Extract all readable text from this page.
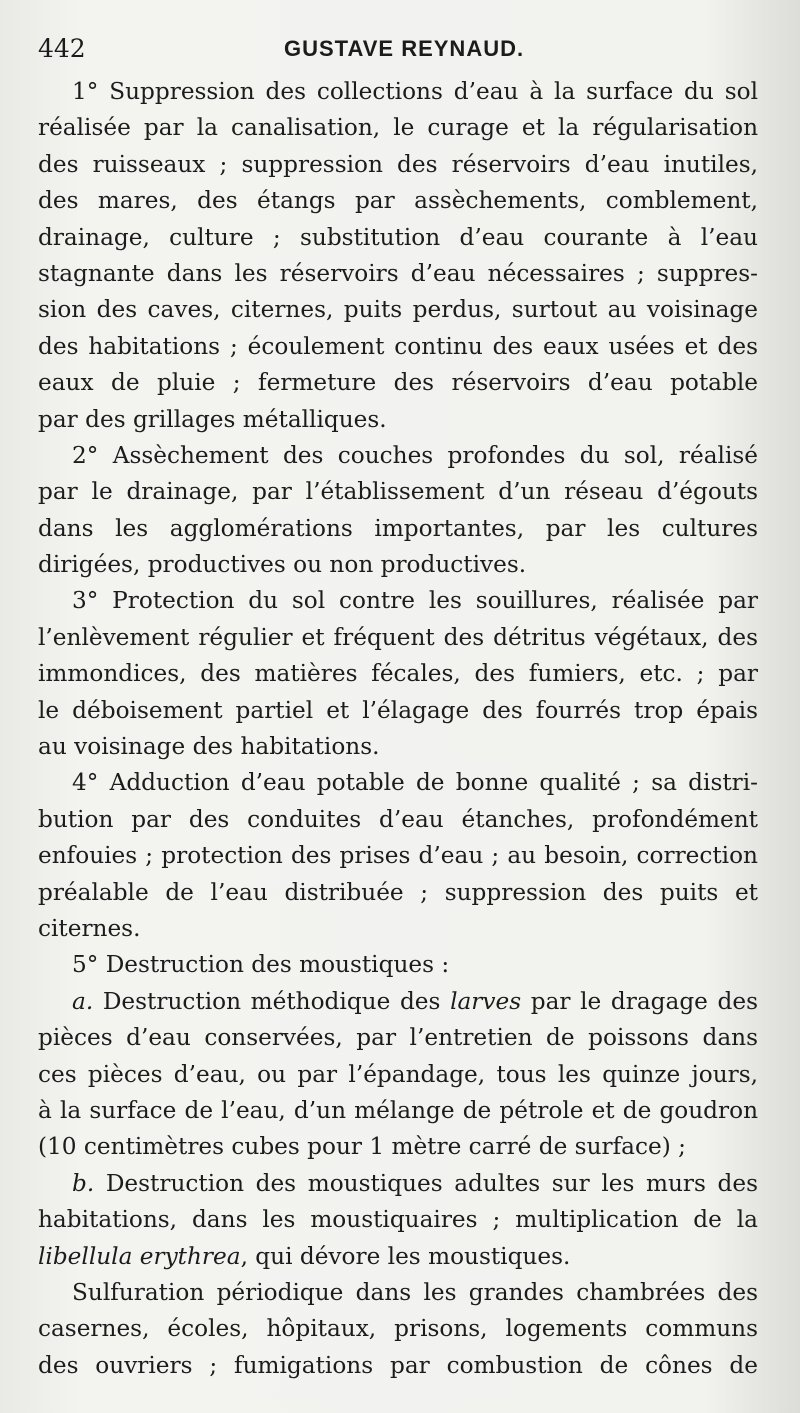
442	GUSTAVE REYNAUD.
1° Suppression des collections d’eau à la surface du sol
réalisée par la canalisation, le curage et la régularisation
des ruisseaux ; suppression des réservoirs d’eau inutiles,
des mares, des étangs par assèchements, comblement,
drainage, culture ; substitution d’eau courante à l’eau
stagnante dans les réservoirs d’eau nécessaires ; suppres-
sion des caves, citernes, puits perdus, surtout au voisinage
des habitations ; écoulement continu des eaux usées et des
eaux de pluie ; fermeture des réservoirs d’eau potable
par des grillages métalliques.
2° Assèchement des couches profondes du sol, réalisé
par le drainage, par l’établissement d’un réseau d’égouts
dans les agglomérations importantes, par les cultures
dirigées, productives ou non productives.
3° Protection du sol contre les souillures, réalisée par
l’enlèvement régulier et fréquent des détritus végétaux, des
immondices, des matières fécales, des fumiers, etc. ; par
le déboisement partiel et l’élagage des fourrés trop épais
au voisinage des habitations.
4° Adduction d’eau potable de bonne qualité ; sa distri-
bution par des conduites d’eau étanches, profondément
enfouies ; protection des prises d’eau ; au besoin, correction
préalable de l’eau distribuée ; suppression des puits et
citernes.
5° Destruction des moustiques :
a. Destruction méthodique des larves par le dragage des
pièces d’eau conservées, par l’entretien de poissons dans
ces pièces d’eau, ou par l’épandage, tous les quinze jours,
à la surface de l’eau, d’un mélange de pétrole et de goudron
(10 centimètres cubes pour 1 mètre carré de surface) ;
b. Destruction des moustiques adultes sur les murs des
habitations, dans les moustiquaires ; multiplication de la
libellula erythrea, qui dévore les moustiques.
Sulfuration périodique dans les grandes chambrées des
casernes, écoles, hôpitaux, prisons, logements communs
des ouvriers ; fumigations par combustion de cônes de
